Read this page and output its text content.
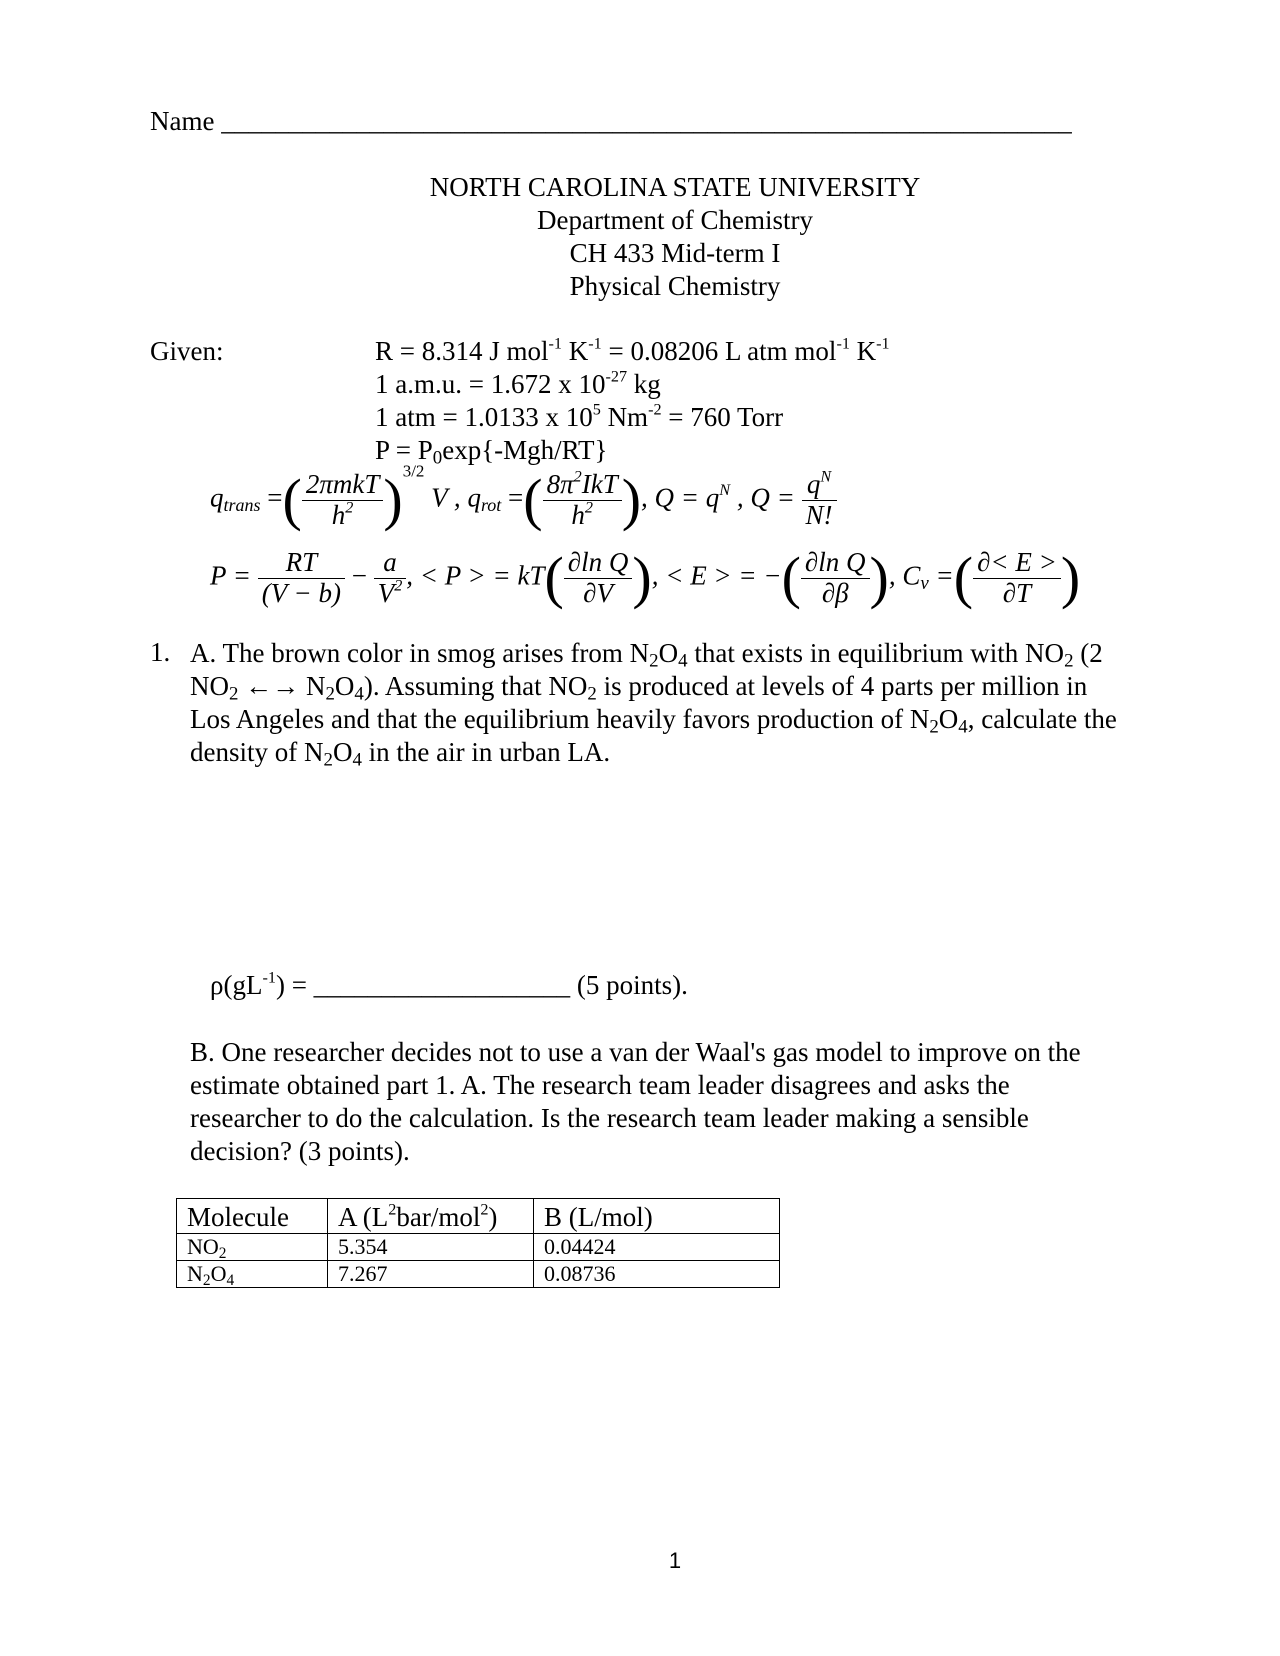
Name _______________________________________________________________
NORTH CAROLINA STATE UNIVERSITY
Department of Chemistry
CH 433 Mid-term I
Physical Chemistry
Given:	R = 8.314 J mol$^{-1}$ $K^{-1} = 0.08206$ L atm mol$^{-1}$ $K^{-1}$
1 a.m.u. = 1.672 x $10^{-27}$ kg
1 atm = 1.0133 x $10^5$ $Nm^{-2} = 760$ Torr
$P = P_0\exp\{-Mgh/RT\}$
$q_{trans}$ =( $\frac{\text{2πmkT}}{h^2} )^{3/2}$ V , $q_{rot}$ =( $\frac{8\pi^2IkT}{h^2}$ ), $Q = q^N$ , $Q = \frac{q^N}{N!}$
$P = \frac{RT}{(V - b)} - \frac{a}{V^2}$ , < P > = $kT( \frac{\text{∂ln Q}}{\partial V}$ ), < E > = −( $\frac{\text{∂ln Q}}{\partial\beta}$ ), $C_v$ =( $\frac{\partial< E >}{\partial T}$ )
1. A. The brown color in smog arises from $N_2O_4$ that exists in equilibrium with $NO_2$ (2
$NO_2$ ←→ $N_2O_4$). Assuming that $NO_2$ is produced at levels of 4 parts per million in
Los Angeles and that the equilibrium heavily favors production of $N_2O_4$, calculate the
density of $N_2O_4$ in the air in urban LA.
$\rho(gL^{-1})$ = ___________________ (5 points).
B. One researcher decides not to use a van der Waal's gas model to improve on the
estimate obtained part 1. A. The research team leader disagrees and asks the
researcher to do the calculation. Is the research team leader making a sensible
decision? (3 points).
Molecule	A $(L^2bar/mol^2)$	B (L/mol)
$NO_2$	5.354	0.04424
$N_2O_4$	7.267	0.08736
1
